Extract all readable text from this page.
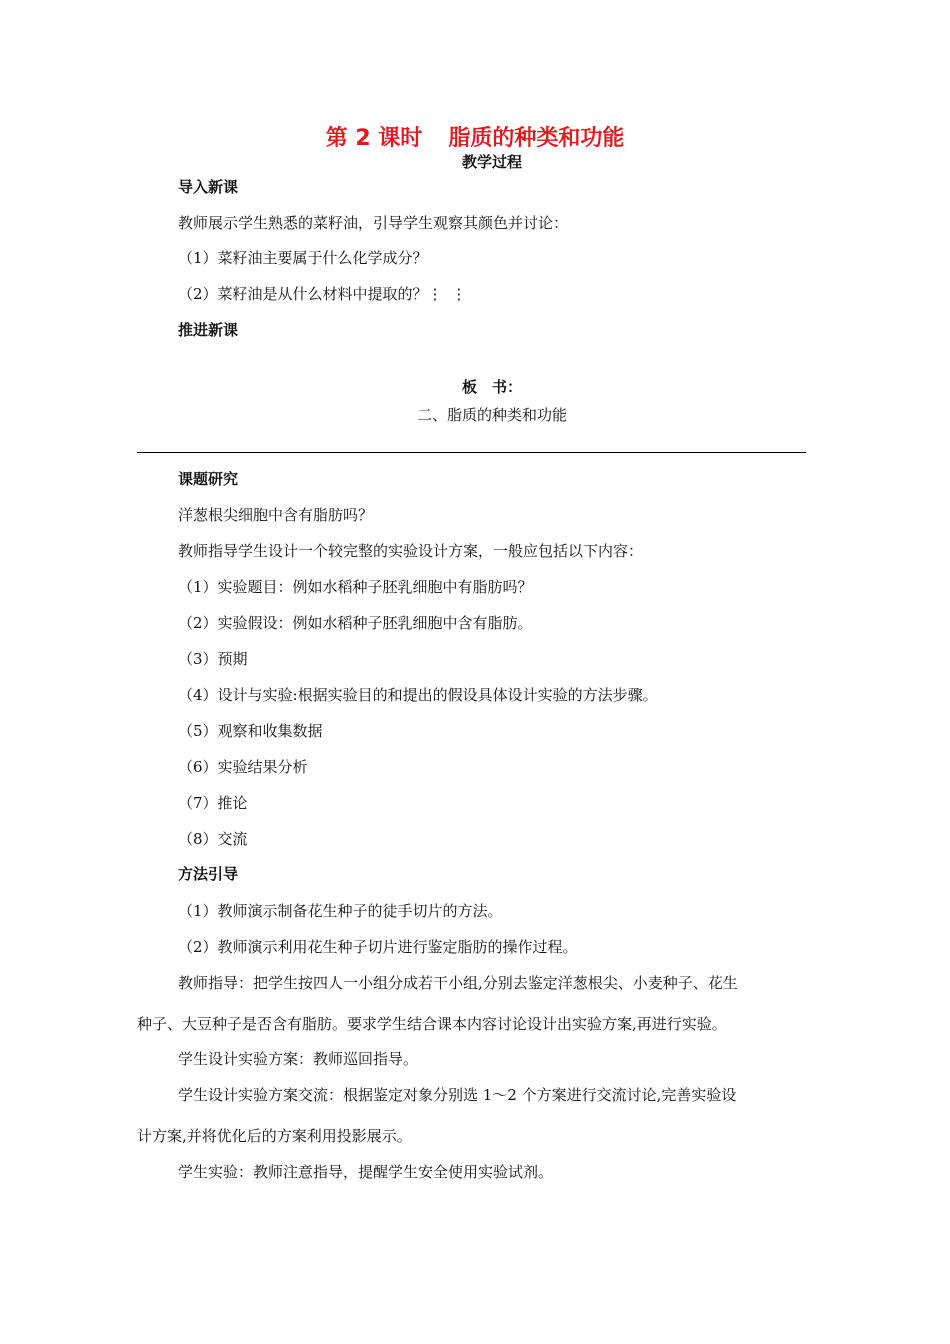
第 2 课时 脂质的种类和功能
教学过程
导入新课
教师展示学生熟悉的菜籽油，引导学生观察其颜色并讨论：
（1）菜籽油主要属于什么化学成分？
（2）菜籽油是从什么材料中提取的？⋮ ⋮
推进新课
板　书：
二、脂质的种类和功能
课题研究
洋葱根尖细胞中含有脂肪吗？
教师指导学生设计一个较完整的实验设计方案，一般应包括以下内容：
（1）实验题目：例如水稻种子胚乳细胞中有脂肪吗？
（2）实验假设：例如水稻种子胚乳细胞中含有脂肪。
（3）预期
（4）设计与实验:根据实验目的和提出的假设具体设计实验的方法步骤。
（5）观察和收集数据
（6）实验结果分析
（7）推论
（8）交流
方法引导
（1）教师演示制备花生种子的徒手切片的方法。
（2）教师演示利用花生种子切片进行鉴定脂肪的操作过程。
教师指导：把学生按四人一小组分成若干小组,分别去鉴定洋葱根尖、小麦种子、花生
种子、大豆种子是否含有脂肪。要求学生结合课本内容讨论设计出实验方案,再进行实验。
学生设计实验方案：教师巡回指导。
学生设计实验方案交流：根据鉴定对象分别选 1～2 个方案进行交流讨论,完善实验设
计方案,并将优化后的方案利用投影展示。
学生实验：教师注意指导，提醒学生安全使用实验试剂。
